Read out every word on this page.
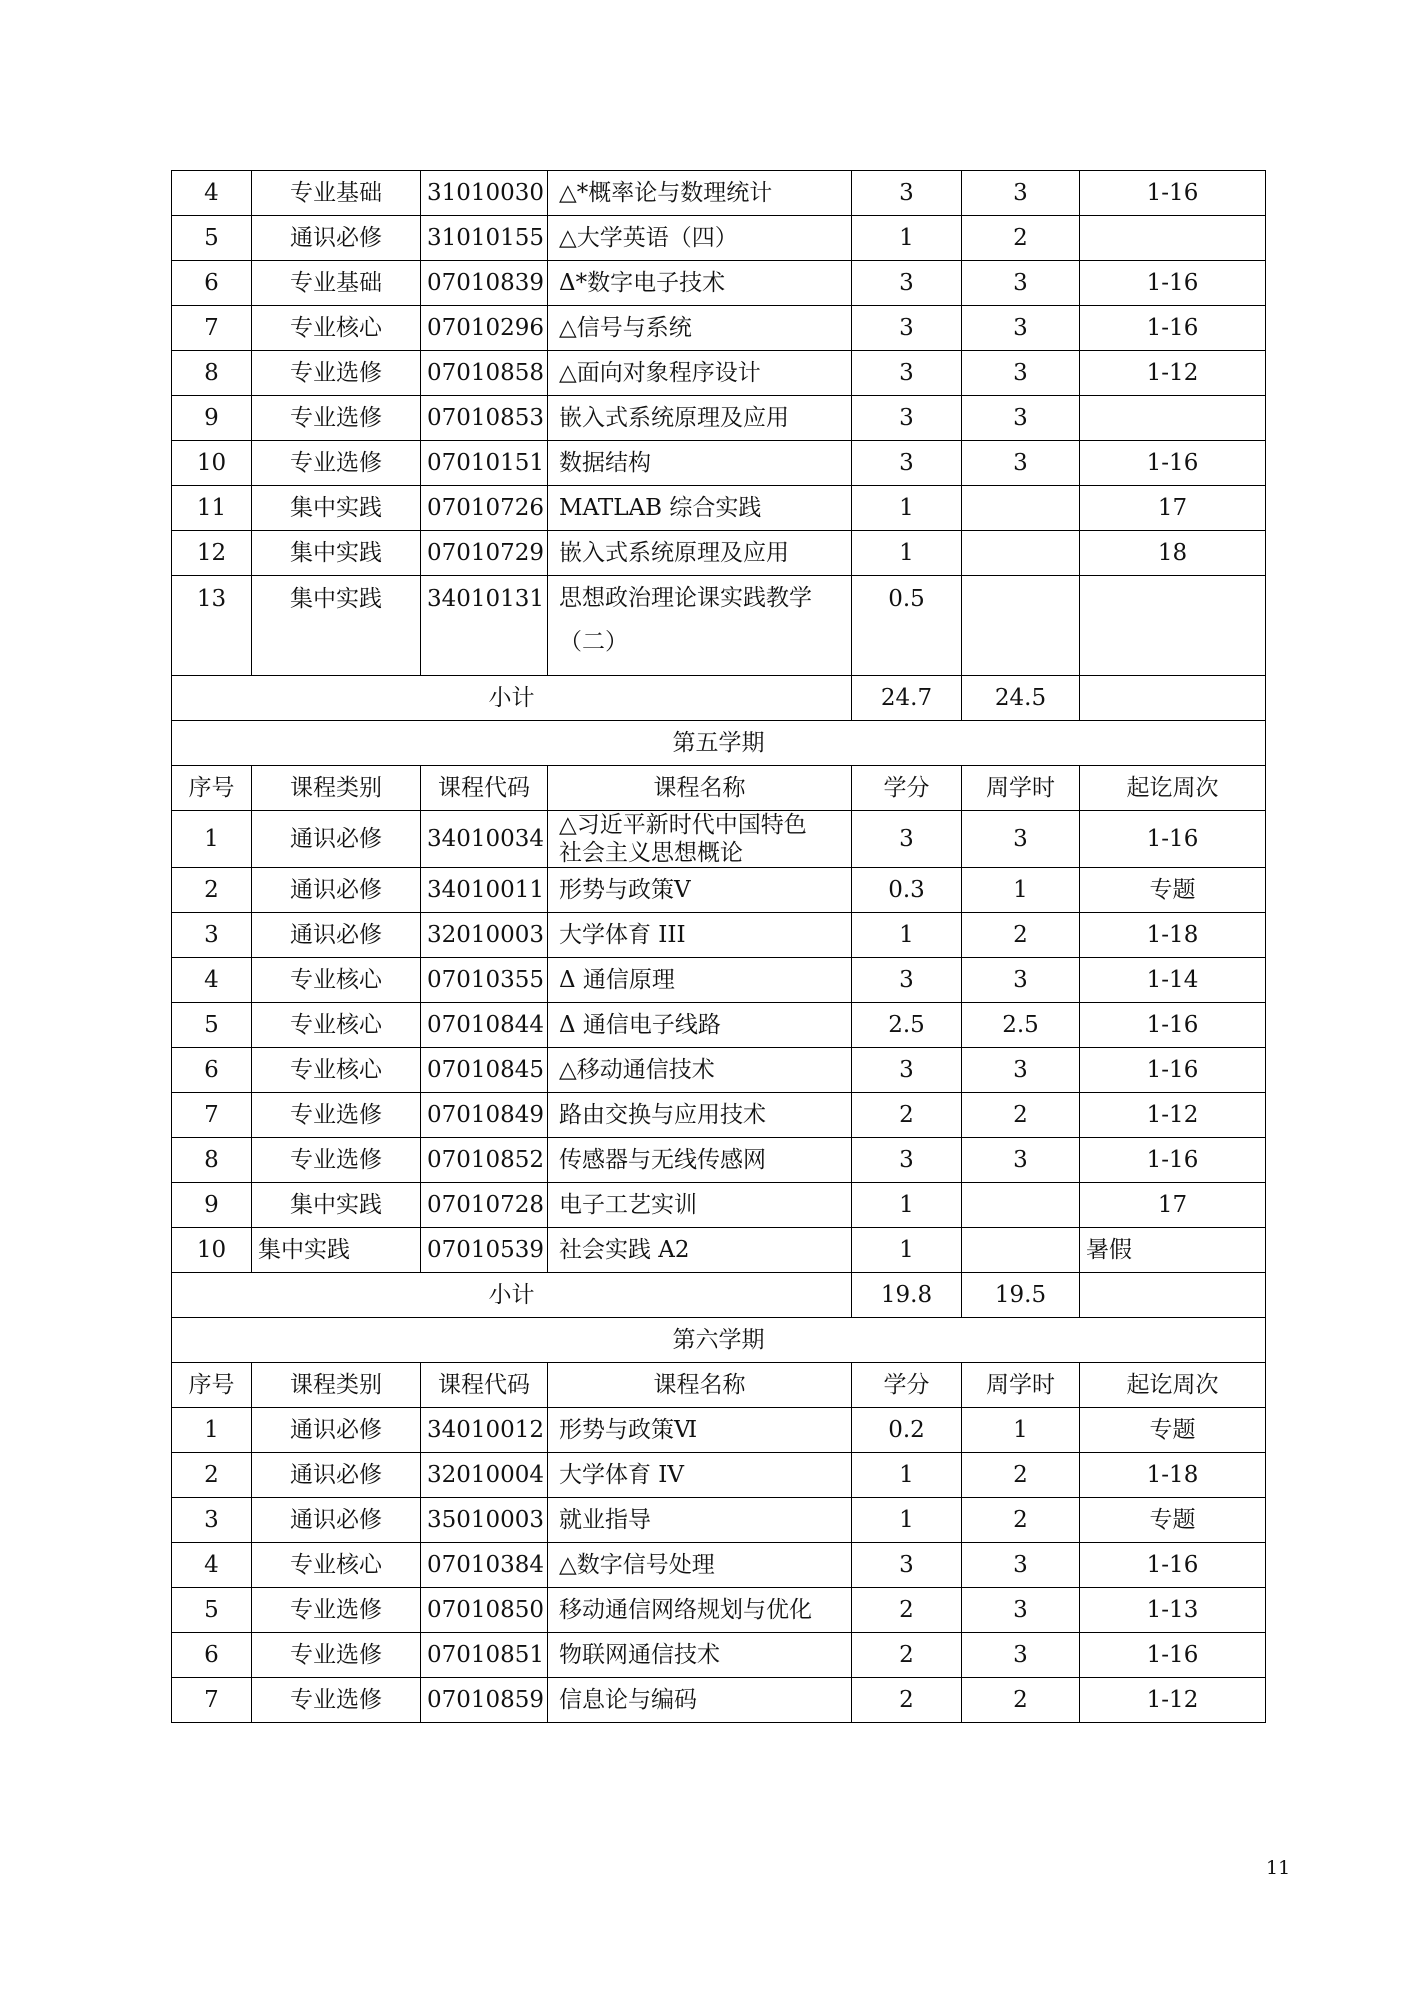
4	专业基础	31010030	△*概率论与数理统计	3	3	1-16
5	通识必修	31010155	△大学英语（四）	1	2	
6	专业基础	07010839	Δ*数字电子技术	3	3	1-16
7	专业核心	07010296	△信号与系统	3	3	1-16
8	专业选修	07010858	△面向对象程序设计	3	3	1-12
9	专业选修	07010853	嵌入式系统原理及应用	3	3	
10	专业选修	07010151	数据结构	3	3	1-16
11	集中实践	07010726	MATLAB 综合实践	1		17
12	集中实践	07010729	嵌入式系统原理及应用	1		18
13	集中实践	34010131	思想政治理论课实践教学
（二）	0.5		
小计				24.7	24.5	
第五学期						
序号	课程类别	课程代码	课程名称	学分	周学时	起讫周次
1	通识必修	34010034	△习近平新时代中国特色
社会主义思想概论	3	3	1-16
2	通识必修	34010011	形势与政策Ⅴ	0.3	1	专题
3	通识必修	32010003	大学体育 III	1	2	1-18
4	专业核心	07010355	Δ 通信原理	3	3	1-14
5	专业核心	07010844	Δ 通信电子线路	2.5	2.5	1-16
6	专业核心	07010845	△移动通信技术	3	3	1-16
7	专业选修	07010849	路由交换与应用技术	2	2	1-12
8	专业选修	07010852	传感器与无线传感网	3	3	1-16
9	集中实践	07010728	电子工艺实训	1		17
10	集中实践	07010539	社会实践 A2	1		暑假
小计				19.8	19.5	
第六学期						
序号	课程类别	课程代码	课程名称	学分	周学时	起讫周次
1	通识必修	34010012	形势与政策Ⅵ	0.2	1	专题
2	通识必修	32010004	大学体育 IV	1	2	1-18
3	通识必修	35010003	就业指导	1	2	专题
4	专业核心	07010384	△数字信号处理	3	3	1-16
5	专业选修	07010850	移动通信网络规划与优化	2	3	1-13
6	专业选修	07010851	物联网通信技术	2	3	1-16
7	专业选修	07010859	信息论与编码	2	2	1-12
11
